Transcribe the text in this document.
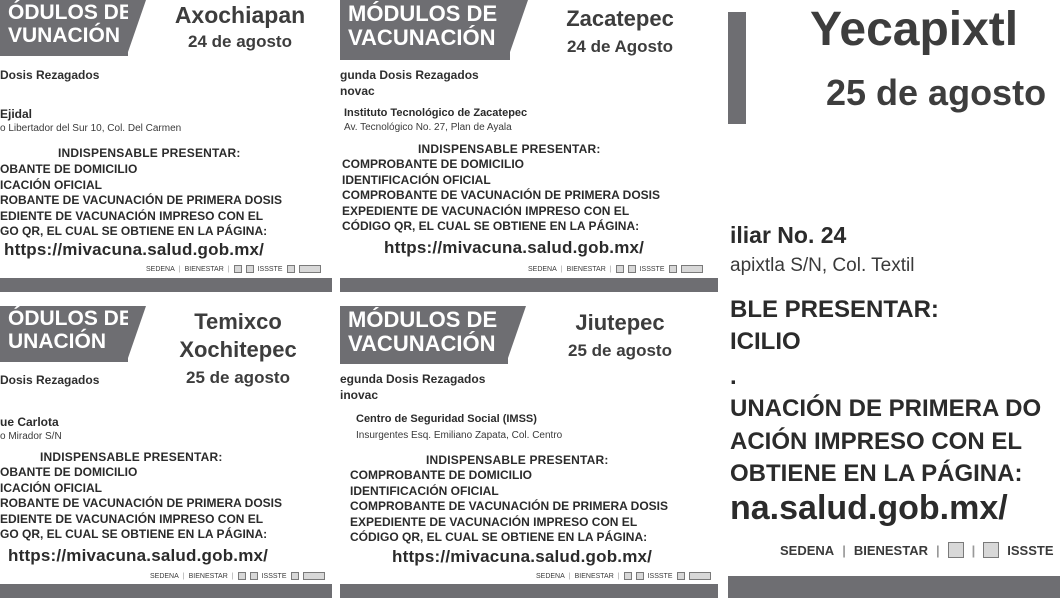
ÓDULOS DE
VUNACIÓN
Axochiapan
24 de agosto
Dosis Rezagados
Ejidal
o Libertador del Sur 10, Col. Del Carmen
INDISPENSABLE PRESENTAR:
OBANTE DE DOMICILIO
ICACIÓN OFICIAL
ROBANTE DE VACUNACIÓN DE PRIMERA DOSIS
EDIENTE DE VACUNACIÓN IMPRESO CON EL
GO QR, EL CUAL SE OBTIENE EN LA PÁGINA:
https://mivacuna.salud.gob.mx/
SEDENA | BIENESTAR |	ISSSTE
MÓDULOS DE
VACUNACIÓN
Zacatepec
24 de Agosto
gunda Dosis Rezagados
novac
Instituto Tecnológico de Zacatepec
Av. Tecnológico No. 27, Plan de Ayala
INDISPENSABLE PRESENTAR:
COMPROBANTE DE DOMICILIO
IDENTIFICACIÓN OFICIAL
COMPROBANTE DE VACUNACIÓN DE PRIMERA DOSIS
EXPEDIENTE DE VACUNACIÓN IMPRESO CON EL
CÓDIGO QR, EL CUAL SE OBTIENE EN LA PÁGINA:
https://mivacuna.salud.gob.mx/
SEDENA | BIENESTAR |	ISSSTE
ÓDULOS DE
UNACIÓN
Temixco
Xochitepec
25 de agosto
Dosis Rezagados
ue Carlota
o Mirador S/N
INDISPENSABLE PRESENTAR:
OBANTE DE DOMICILIO
ICACIÓN OFICIAL
ROBANTE DE VACUNACIÓN DE PRIMERA DOSIS
EDIENTE DE VACUNACIÓN IMPRESO CON EL
GO QR, EL CUAL SE OBTIENE EN LA PÁGINA:
https://mivacuna.salud.gob.mx/
SEDENA | BIENESTAR |	ISSSTE
MÓDULOS DE
VACUNACIÓN
Jiutepec
25 de agosto
egunda Dosis Rezagados
inovac
Centro de Seguridad Social (IMSS)
Insurgentes Esq. Emiliano Zapata, Col. Centro
INDISPENSABLE PRESENTAR:
COMPROBANTE DE DOMICILIO
IDENTIFICACIÓN OFICIAL
COMPROBANTE DE VACUNACIÓN DE PRIMERA DOSIS
EXPEDIENTE DE VACUNACIÓN IMPRESO CON EL
CÓDIGO QR, EL CUAL SE OBTIENE EN LA PÁGINA:
https://mivacuna.salud.gob.mx/
SEDENA | BIENESTAR |	ISSSTE
Yecapixtl
25 de agosto
iliar No. 24
apixtla S/N, Col. Textil
BLE PRESENTAR:
ICILIO
.
UNACIÓN DE PRIMERA DO
ACIÓN IMPRESO CON EL
OBTIENE EN LA PÁGINA:
na.salud.gob.mx/
SEDENA | BIENESTAR | | ISSSTE
